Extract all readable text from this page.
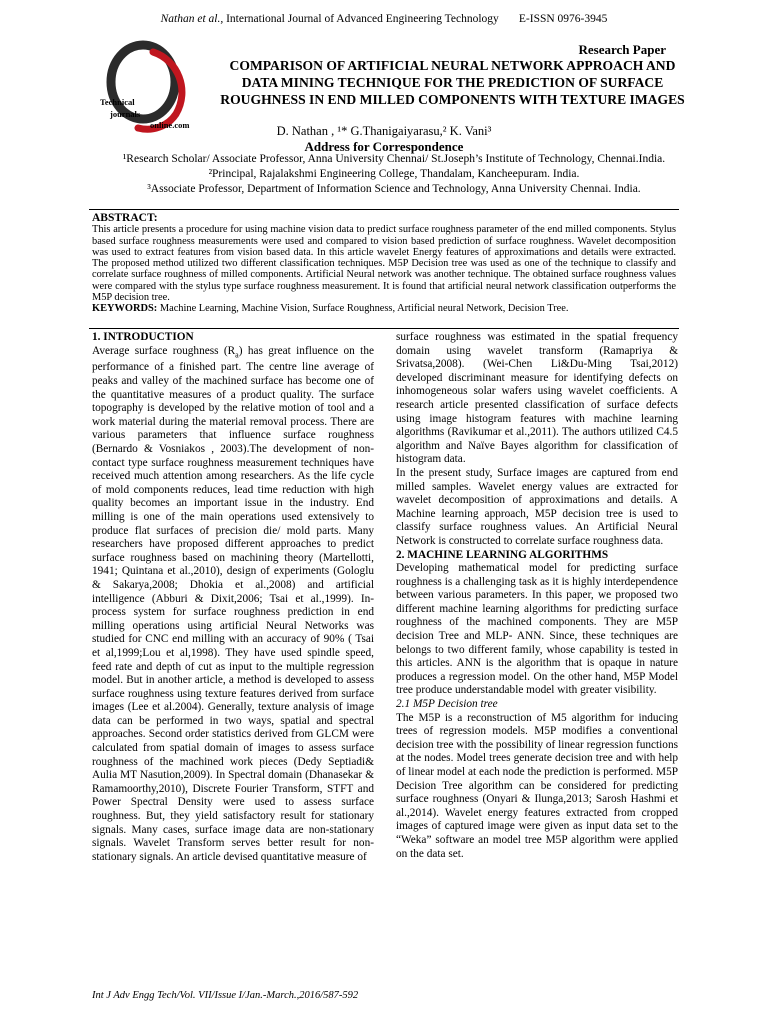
Nathan et al., International Journal of Advanced Engineering Technology E-ISSN 0976-3945
Technical
journals
online.com
Research Paper
COMPARISON OF ARTIFICIAL NEURAL NETWORK APPROACH AND DATA MINING TECHNIQUE FOR THE PREDICTION OF SURFACE ROUGHNESS IN END MILLED COMPONENTS WITH TEXTURE IMAGES
D. Nathan , ¹* G.Thanigaiyarasu,² K. Vani³
Address for Correspondence
¹Research Scholar/ Associate Professor, Anna University Chennai/ St.Joseph’s Institute of Technology, Chennai.India.
²Principal, Rajalakshmi Engineering College, Thandalam, Kancheepuram. India.
³Associate Professor, Department of Information Science and Technology, Anna University Chennai. India.
ABSTRACT:
This article presents a procedure for using machine vision data to predict surface roughness parameter of the end milled components. Stylus based surface roughness measurements were used and compared to vision based prediction of surface roughness. Wavelet decomposition was used to extract features from vision based data. In this article wavelet Energy features of approximations and details were extracted. The proposed method utilized two different classification techniques. M5P Decision tree was used as one of the technique to classify and correlate surface roughness of milled components. Artificial Neural network was another technique. The obtained surface roughness values were compared with the stylus type surface roughness measurement. It is found that artificial neural network classification outperforms the M5P decision tree.
KEYWORDS: Machine Learning, Machine Vision, Surface Roughness, Artificial neural Network, Decision Tree.

1. INTRODUCTION

Average surface roughness $(R_a)$ has great influence on the performance of a finished part. The centre line average of peaks and valley of the machined surface has become one of the quantitative measures of a product quality. The surface topography is developed by the relative motion of tool and a work material during the material removal process. There are various parameters that influence surface roughness (Bernardo & Vosniakos , 2003).The development of non-contact type surface roughness measurement techniques have received much attention among researchers. As the life cycle of mold components reduces, lead time reduction with high quality becomes an important issue in the industry. End milling is one of the main operations used extensively to produce flat surfaces of precision die/ mold parts. Many researchers have proposed different approaches to predict surface roughness based on machining theory (Martellotti, 1941; Quintana et al.,2010), design of experiments (Gologlu & Sakarya,2008; Dhokia et al.,2008) and artificial intelligence (Abburi & Dixit,2006; Tsai et al.,1999). In-process system for surface roughness prediction in end milling operations using artificial Neural Networks was studied for CNC end milling with an accuracy of 90% ( Tsai et al,1999;Lou et al,1998). They have used spindle speed, feed rate and depth of cut as input to the multiple regression model. But in another article, a method is developed to assess surface roughness using texture features derived from surface images (Lee et al.2004). Generally, texture analysis of image data can be performed in two ways, spatial and spectral approaches. Second order statistics derived from GLCM were calculated from spatial domain of images to assess surface roughness of the machined work pieces (Dedy Septiadi& Aulia MT Nasution,2009). In Spectral domain (Dhanasekar & Ramamoorthy,2010), Discrete Fourier Transform, STFT and Power Spectral Density were used to assess surface roughness. But, they yield satisfactory result for stationary signals. Many cases, surface image data are non-stationary signals. Wavelet Transform serves better result for non-stationary signals. An article devised quantitative measure of

surface roughness was estimated in the spatial frequency domain using wavelet transform (Ramapriya & Srivatsa,2008). (Wei-Chen Li&Du-Ming Tsai,2012) developed discriminant measure for identifying defects on inhomogeneous solar wafers using wavelet coefficients. A research article presented classification of surface defects using image histogram features with machine learning algorithms (Ravikumar et al.,2011). The authors utilized C4.5 algorithm and Naïve Bayes algorithm for classification of histogram data.

In the present study, Surface images are captured from end milled samples. Wavelet energy values are extracted for wavelet decomposition of approximations and details. A Machine learning approach, M5P decision tree is used to classify surface roughness values. An Artificial Neural Network is constructed to correlate surface roughness data.

2. MACHINE LEARNING ALGORITHMS

Developing mathematical model for predicting surface roughness is a challenging task as it is highly interdependence between various parameters. In this paper, we proposed two different machine learning algorithms for predicting surface roughness of the machined components. They are M5P decision Tree and MLP- ANN. Since, these techniques are belongs to two different family, whose capability is tested in this articles. ANN is the algorithm that is opaque in nature produces a regression model. On the other hand, M5P Model tree produce understandable model with greater visibility.

2.1 M5P Decision tree

The M5P is a reconstruction of M5 algorithm for inducing trees of regression models. M5P modifies a conventional decision tree with the possibility of linear regression functions at the nodes. Model trees generate decision tree and with help of linear model at each node the prediction is performed. M5P Decision Tree algorithm can be considered for predicting surface roughness (Onyari & Ilunga,2013; Sarosh Hashmi et al.,2014). Wavelet energy features extracted from cropped images of captured image were given as input data set to the “Weka” software an model tree M5P algorithm were applied on the data set.

Int J Adv Engg Tech/Vol. VII/Issue I/Jan.-March.,2016/587-592
